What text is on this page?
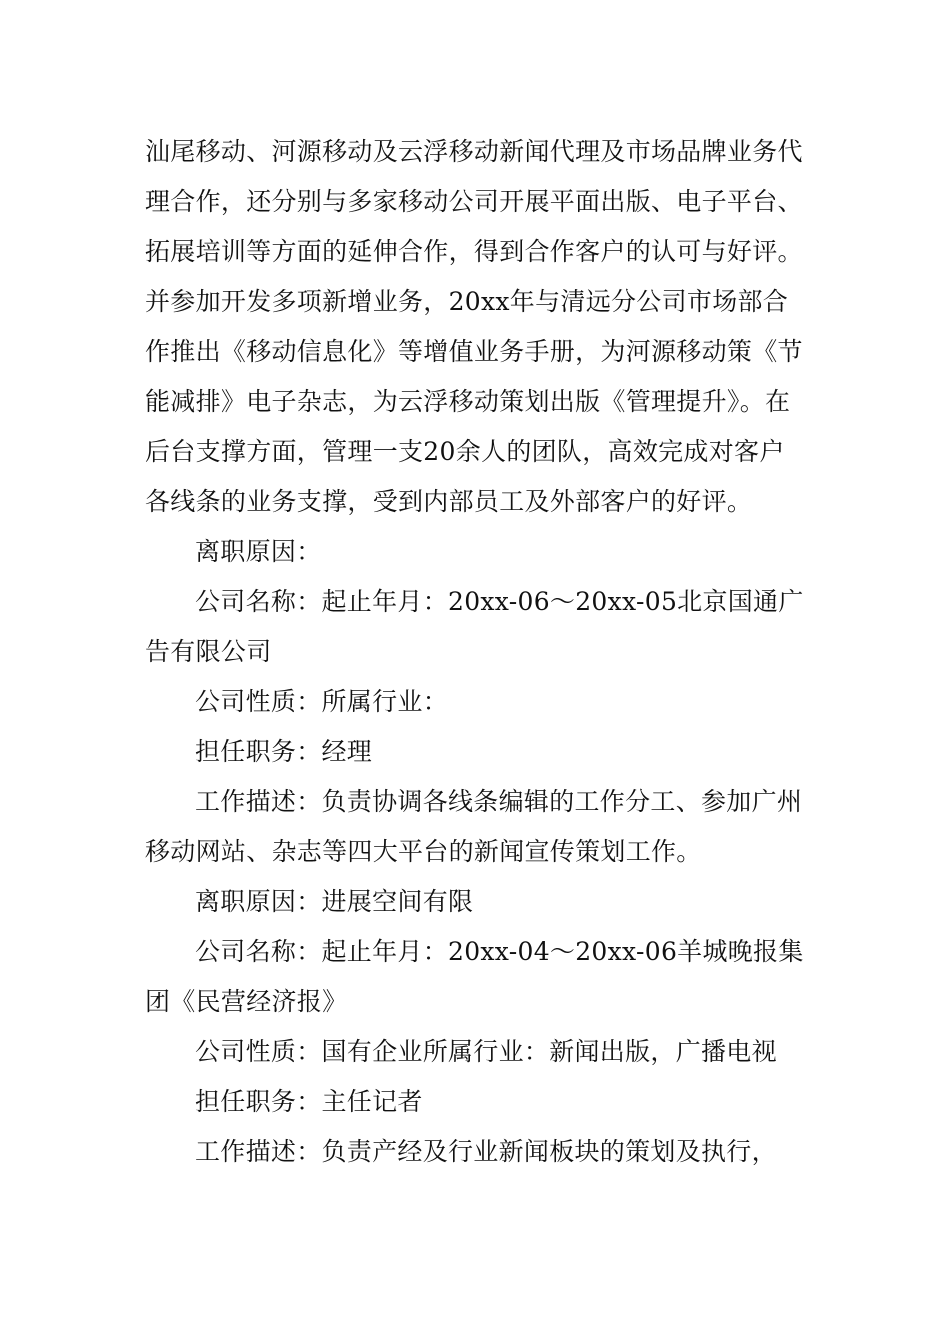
汕尾移动、河源移动及云浮移动新闻代理及市场品牌业务代理合作，还分别与多家移动公司开展平面出版、电子平台、拓展培训等方面的延伸合作，得到合作客户的认可与好评。并参加开发多项新增业务，20xx年与清远分公司市场部合作推出《移动信息化》等增值业务手册，为河源移动策《节能减排》电子杂志，为云浮移动策划出版《管理提升》。在后台支撑方面，管理一支20余人的团队，高效完成对客户各线条的业务支撑，受到内部员工及外部客户的好评。

离职原因：

公司名称：起止年月：20xx-06～20xx-05北京国通广告有限公司

公司性质：所属行业：

担任职务：经理

工作描述：负责协调各线条编辑的工作分工、参加广州移动网站、杂志等四大平台的新闻宣传策划工作。

离职原因：进展空间有限

公司名称：起止年月：20xx-04～20xx-06羊城晚报集团《民营经济报》

公司性质：国有企业所属行业：新闻出版，广播电视

担任职务：主任记者

工作描述：负责产经及行业新闻板块的策划及执行，
